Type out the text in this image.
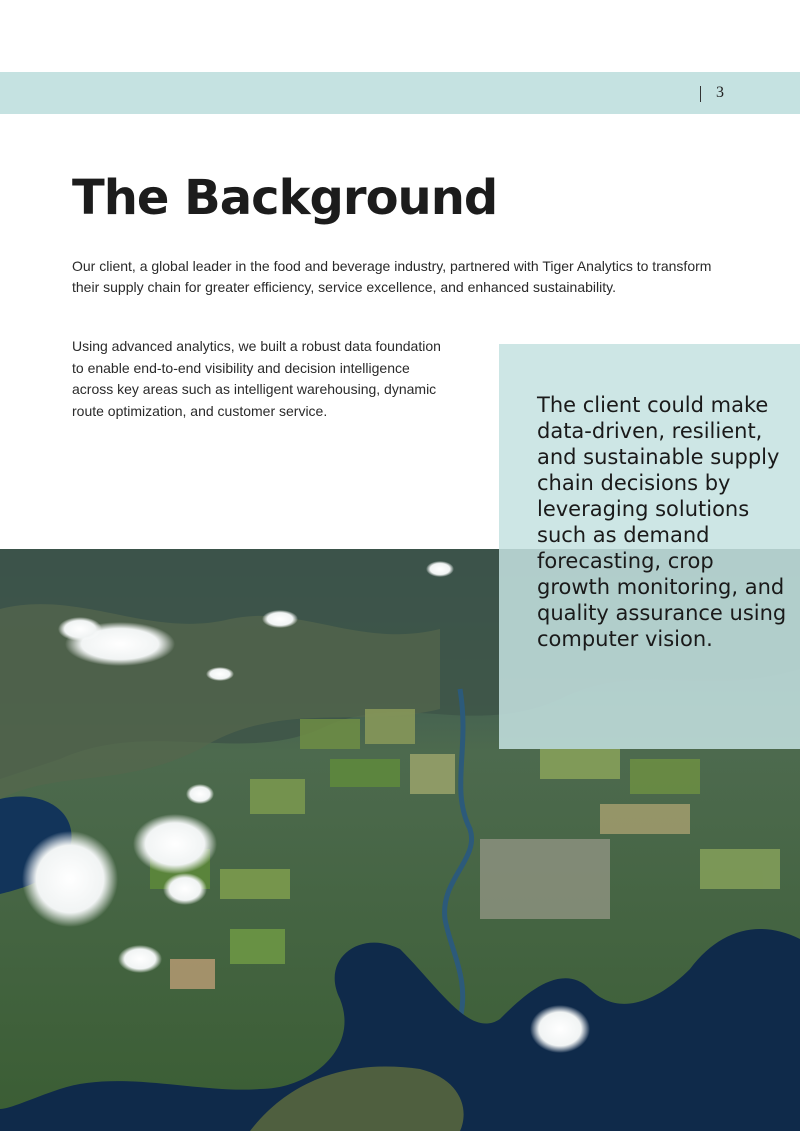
3
The Background

Our client, a global leader in the food and beverage industry, partnered with Tiger Analytics to transform their supply chain for greater efficiency, service excellence, and enhanced sustainability.

Using advanced analytics, we built a robust data foundation to enable end-to-end visibility and decision intelligence across key areas such as intelligent warehousing, dynamic route optimization, and customer service.	The client could make data-driven, resilient, and sustainable supply chain decisions by leveraging solutions such as demand forecasting, crop growth monitoring, and quality assurance using computer vision.
